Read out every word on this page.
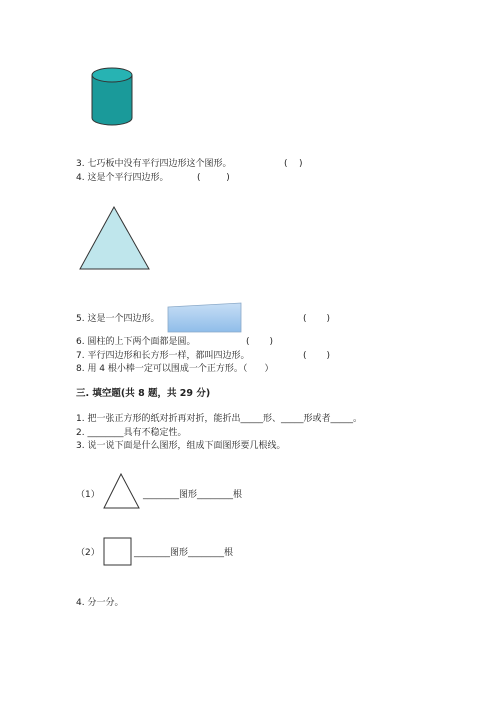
3. 七巧板中没有平行四边形这个图形。	(    )
4. 这是个平行四边形。	(         )
5. 这是一个四边形。	(       )
6. 圆柱的上下两个面都是圆。	(       )
7. 平行四边形和长方形一样，都叫四边形。	(       )
8. 用 4 根小棒一定可以围成一个正方形。（      ）
三. 填空题(共 8 题，共 29 分)
1. 把一张正方形的纸对折再对折，能折出_____形、_____形或者_____。
2. ________具有不稳定性。
3. 说一说下面是什么图形，组成下面图形要几根线。
（1）	________图形________根
（2）	________图形________根
4. 分一分。
